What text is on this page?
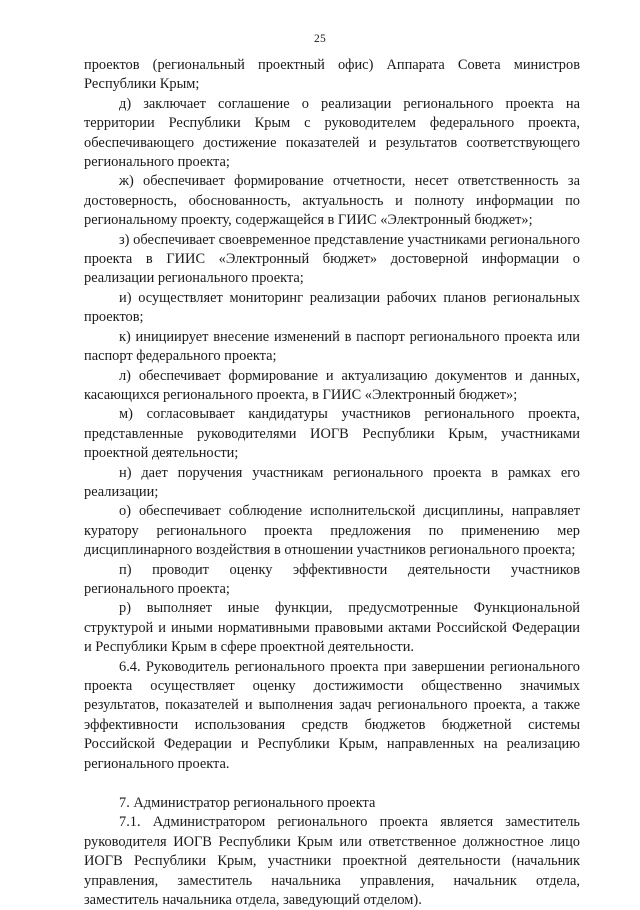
25

проектов (региональный проектный офис) Аппарата Совета министров Республики Крым;

д) заключает соглашение о реализации регионального проекта на территории Республики Крым с руководителем федерального проекта, обеспечивающего достижение показателей и результатов соответствующего регионального проекта;

ж) обеспечивает формирование отчетности, несет ответственность за достоверность, обоснованность, актуальность и полноту информации по региональному проекту, содержащейся в ГИИС «Электронный бюджет»;

з) обеспечивает своевременное представление участниками регионального проекта в ГИИС «Электронный бюджет» достоверной информации о реализации регионального проекта;

и) осуществляет мониторинг реализации рабочих планов региональных проектов;

к) инициирует внесение изменений в паспорт регионального проекта или паспорт федерального проекта;

л) обеспечивает формирование и актуализацию документов и данных, касающихся регионального проекта, в ГИИС «Электронный бюджет»;

м) согласовывает кандидатуры участников регионального проекта, представленные руководителями ИОГВ Республики Крым, участниками проектной деятельности;

н) дает поручения участникам регионального проекта в рамках его реализации;

о) обеспечивает соблюдение исполнительской дисциплины, направляет куратору регионального проекта предложения по применению мер дисциплинарного воздействия в отношении участников регионального проекта;

п) проводит оценку эффективности деятельности участников регионального проекта;

р) выполняет иные функции, предусмотренные Функциональной структурой и иными нормативными правовыми актами Российской Федерации и Республики Крым в сфере проектной деятельности.

6.4. Руководитель регионального проекта при завершении регионального проекта осуществляет оценку достижимости общественно значимых результатов, показателей и выполнения задач регионального проекта, а также эффективности использования средств бюджетов бюджетной системы Российской Федерации и Республики Крым, направленных на реализацию регионального проекта.

7. Администратор регионального проекта

7.1. Администратором регионального проекта является заместитель руководителя ИОГВ Республики Крым или ответственное должностное лицо ИОГВ Республики Крым, участники проектной деятельности (начальник управления, заместитель начальника управления, начальник отдела, заместитель начальника отдела, заведующий отделом).
